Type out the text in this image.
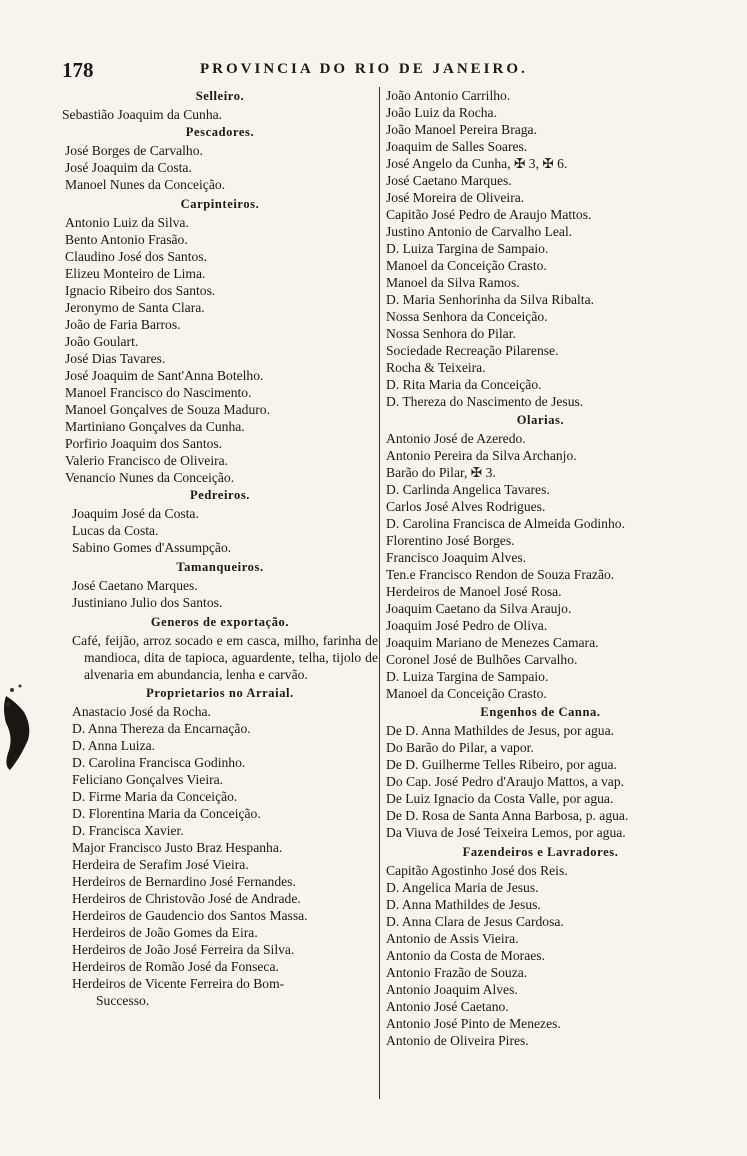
178	PROVINCIA DO RIO DE JANEIRO.
Selleiro.
Sebastião Joaquim da Cunha.
Pescadores.
José Borges de Carvalho.
José Joaquim da Costa.
Manoel Nunes da Conceição.
Carpinteiros.
Antonio Luiz da Silva.
Bento Antonio Frasão.
Claudino José dos Santos.
Elizeu Monteiro de Lima.
Ignacio Ribeiro dos Santos.
Jeronymo de Santa Clara.
João de Faria Barros.
João Goulart.
José Dias Tavares.
José Joaquim de Sant'Anna Botelho.
Manoel Francisco do Nascimento.
Manoel Gonçalves de Souza Maduro.
Martiniano Gonçalves da Cunha.
Porfirio Joaquim dos Santos.
Valerio Francisco de Oliveira.
Venancio Nunes da Conceição.
Pedreiros.
Joaquim José da Costa.
Lucas da Costa.
Sabino Gomes d'Assumpção.
Tamanqueiros.
José Caetano Marques.
Justiniano Julio dos Santos.
Generos de exportação.
Café, feijão, arroz socado e em casca, milho, farinha de mandioca, dita de tapioca, aguardente, telha, tijolo de alvenaria em abundancia, lenha e carvão.
Proprietarios no Arraial.
Anastacio José da Rocha.
D. Anna Thereza da Encarnação.
D. Anna Luiza.
D. Carolina Francisca Godinho.
Feliciano Gonçalves Vieira.
D. Firme Maria da Conceição.
D. Florentina Maria da Conceição.
D. Francisca Xavier.
Major Francisco Justo Braz Hespanha.
Herdeira de Serafim José Vieira.
Herdeiros de Bernardino José Fernandes.
Herdeiros de Christovão José de Andrade.
Herdeiros de Gaudencio dos Santos Massa.
Herdeiros de João Gomes da Eira.
Herdeiros de João José Ferreira da Silva.
Herdeiros de Romão José da Fonseca.
Herdeiros de Vicente Ferreira do Bom-
Successo.
João Antonio Carrilho.
João Luiz da Rocha.
João Manoel Pereira Braga.
Joaquim de Salles Soares.
José Angelo da Cunha, ✠ 3, ✠ 6.
José Caetano Marques.
José Moreira de Oliveira.
Capitão José Pedro de Araujo Mattos.
Justino Antonio de Carvalho Leal.
D. Luiza Targina de Sampaio.
Manoel da Conceição Crasto.
Manoel da Silva Ramos.
D. Maria Senhorinha da Silva Ribalta.
Nossa Senhora da Conceição.
Nossa Senhora do Pilar.
Sociedade Recreação Pilarense.
Rocha & Teixeira.
D. Rita Maria da Conceição.
D. Thereza do Nascimento de Jesus.
Olarias.
Antonio José de Azeredo.
Antonio Pereira da Silva Archanjo.
Barão do Pilar, ✠ 3.
D. Carlinda Angelica Tavares.
Carlos José Alves Rodrigues.
D. Carolina Francisca de Almeida Godinho.
Florentino José Borges.
Francisco Joaquim Alves.
Ten.e Francisco Rendon de Souza Frazão.
Herdeiros de Manoel José Rosa.
Joaquim Caetano da Silva Araujo.
Joaquim José Pedro de Oliva.
Joaquim Mariano de Menezes Camara.
Coronel José de Bulhões Carvalho.
D. Luiza Targina de Sampaio.
Manoel da Conceição Crasto.
Engenhos de Canna.
De D. Anna Mathildes de Jesus, por agua.
Do Barão do Pilar, a vapor.
De D. Guilherme Telles Ribeiro, por agua.
Do Cap. José Pedro d'Araujo Mattos, a vap.
De Luiz Ignacio da Costa Valle, por agua.
De D. Rosa de Santa Anna Barbosa, p. agua.
Da Viuva de José Teixeira Lemos, por agua.
Fazendeiros e Lavradores.
Capitão Agostinho José dos Reis.
D. Angelica Maria de Jesus.
D. Anna Mathildes de Jesus.
D. Anna Clara de Jesus Cardosa.
Antonio de Assis Vieira.
Antonio da Costa de Moraes.
Antonio Frazão de Souza.
Antonio Joaquim Alves.
Antonio José Caetano.
Antonio José Pinto de Menezes.
Antonio de Oliveira Pires.
